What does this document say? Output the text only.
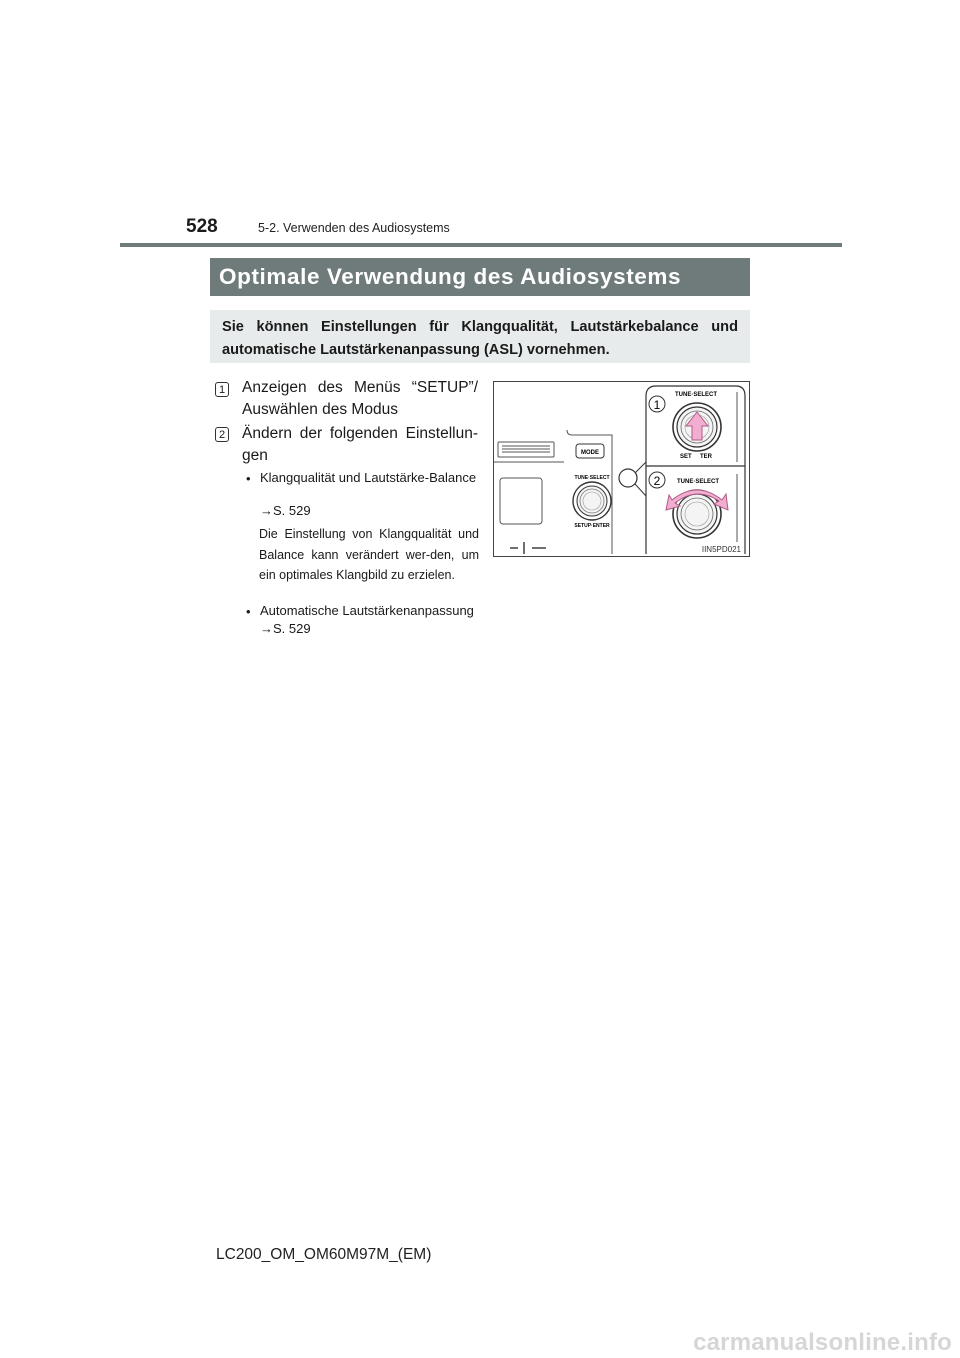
528	5-2. Verwenden des Audiosystems
Optimale Verwendung des Audiosystems
Sie können Einstellungen für Klangqualität, Lautstärkebalance und automatische Lautstärkenanpassung (ASL) vornehmen.
1 Anzeigen des Menüs “SETUP”/ Auswählen des Modus
2 Ändern der folgenden Einstellun-gen
• Klangqualität und Lautstärke-Balance
→S. 529
Die Einstellung von Klangqualität und Balance kann verändert wer-den, um ein optimales Klangbild zu erzielen.
• Automatische Lautstärkenanpassung
→S. 529
MODE
TUNE·SELECT
SETUP·ENTER
TUNE·SELECT
SET     TER
1
TUNE·SELECT
2
IIN5PD021
LC200_OM_OM60M97M_(EM)
carmanualsonline.info
